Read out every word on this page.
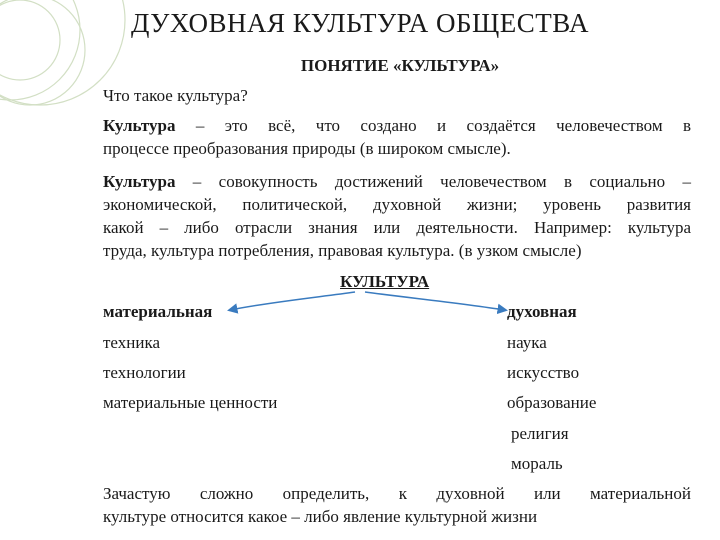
ДУХОВНАЯ КУЛЬТУРА ОБЩЕСТВА
ПОНЯТИЕ «КУЛЬТУРА»
Что такое культура?
Культура – это всё, что создано и создаётся человечеством в
процессе преобразования природы (в широком смысле).
Культура – совокупность достижений человечеством в социально –
экономической, политической, духовной жизни; уровень развития
какой – либо отрасли знания или деятельности. Например: культура
труда, культура потребления, правовая культура. (в узком смысле)
КУЛЬТУРА
материальная
техника
технологии
материальные ценности
духовная
наука
искусство
образование
религия
мораль
Зачастую сложно определить, к духовной или материальной
культуре относится какое – либо явление культурной жизни
